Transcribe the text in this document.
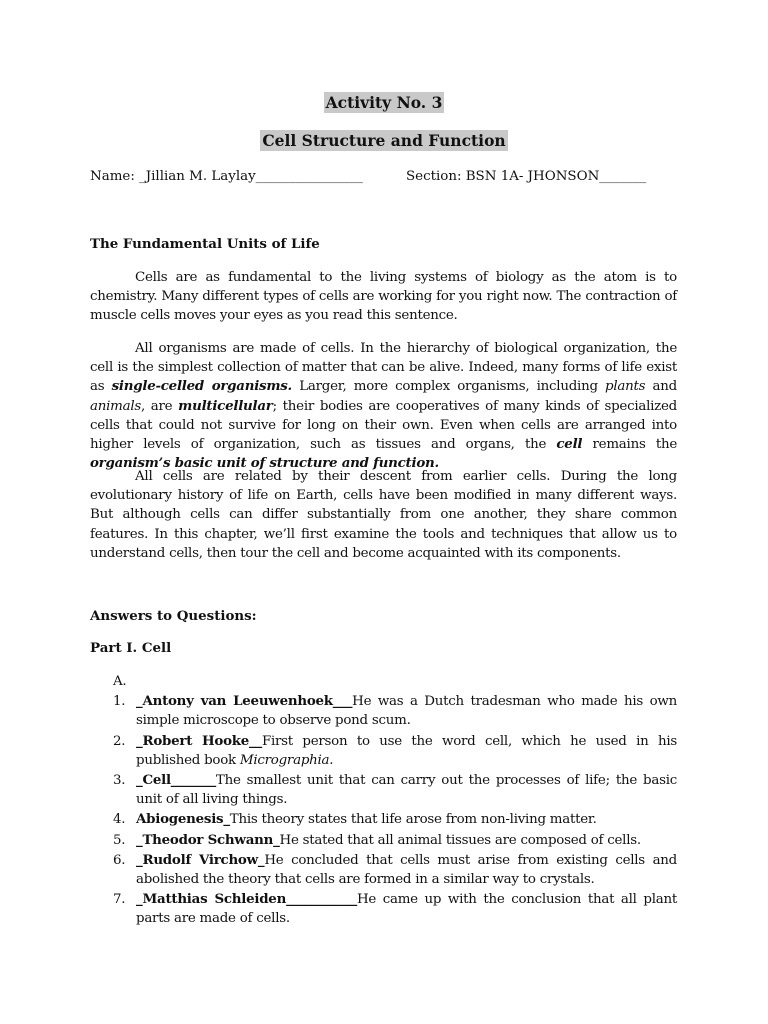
Activity No. 3
Cell Structure and Function
Name: _Jillian M. Laylay________________	Section: BSN 1A- JHONSON_______
The Fundamental Units of Life

Cells are as fundamental to the living systems of biology as the atom is to chemistry. Many different types of cells are working for you right now. The contraction of muscle cells moves your eyes as you read this sentence.

All organisms are made of cells. In the hierarchy of biological organization, the cell is the simplest collection of matter that can be alive. Indeed, many forms of life exist as single-celled organisms. Larger, more complex organisms, including plants and animals, are multicellular; their bodies are cooperatives of many kinds of specialized cells that could not survive for long on their own. Even when cells are arranged into higher levels of organization, such as tissues and organs, the cell remains the organism’s basic unit of structure and function.

All cells are related by their descent from earlier cells. During the long evolutionary history of life on Earth, cells have been modified in many different ways. But although cells can differ substantially from one another, they share common features. In this chapter, we’ll first examine the tools and techniques that allow us to understand cells, then tour the cell and become acquainted with its components.

Answers to Questions:
Part I. Cell
A.

1. _Antony van Leeuwenhoek___He was a Dutch tradesman who made his own simple microscope to observe pond scum.
2. _Robert Hooke__First person to use the word cell, which he used in his published book Micrographia.
3. _Cell_______The smallest unit that can carry out the processes of life; the basic unit of all living things.
4. Abiogenesis_This theory states that life arose from non-living matter.
5. _Theodor Schwann_He stated that all animal tissues are composed of cells.
6. _Rudolf Virchow_He concluded that cells must arise from existing cells and abolished the theory that cells are formed in a similar way to crystals.
7. _Matthias Schleiden___________He came up with the conclusion that all plant parts are made of cells.
